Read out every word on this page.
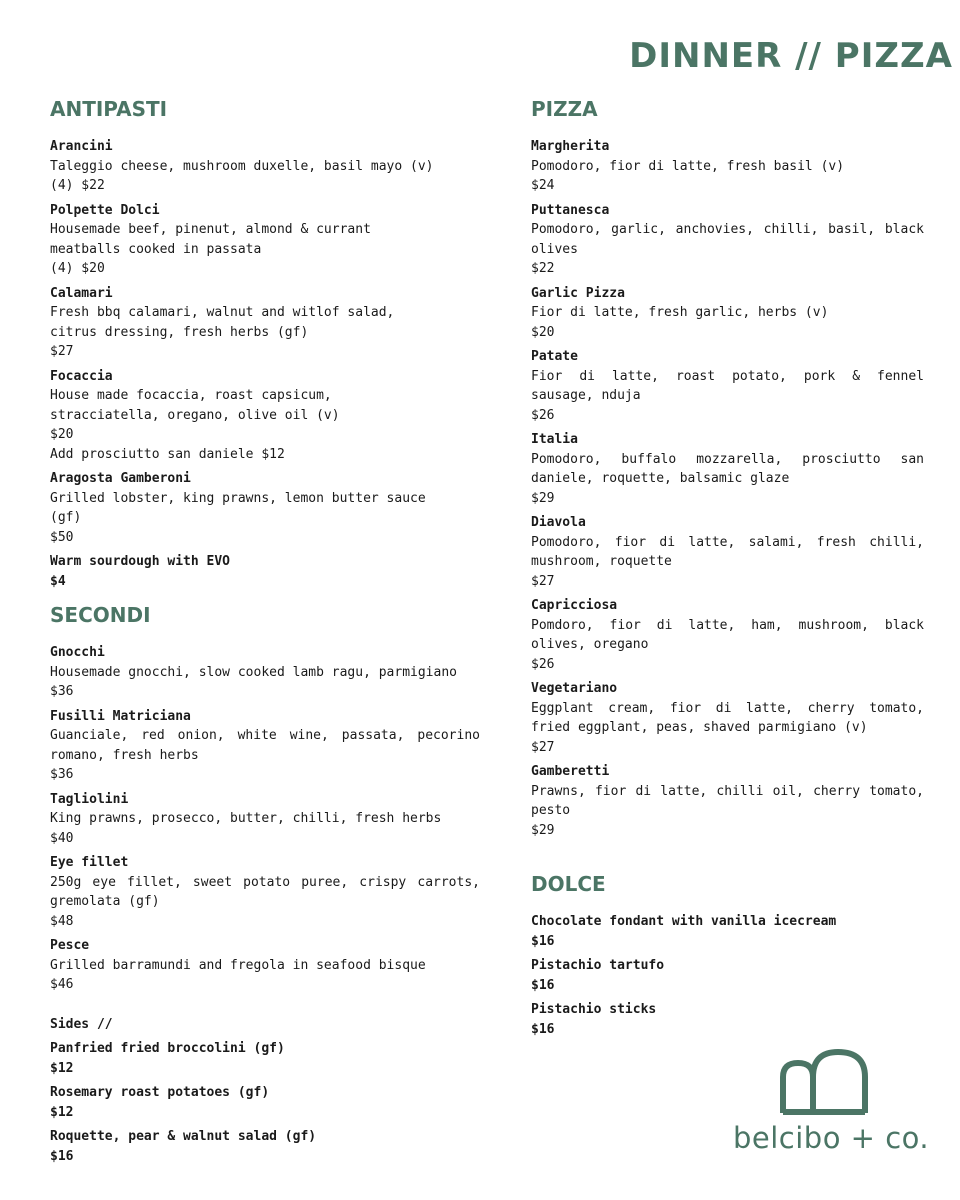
DINNER // PIZZA
ANTIPASTI
Arancini
Taleggio cheese, mushroom duxelle, basil mayo (v)
(4) $22
Polpette Dolci
Housemade beef, pinenut, almond & currant meatballs cooked in passata
(4) $20
Calamari
Fresh bbq calamari, walnut and witlof salad, citrus dressing, fresh herbs (gf)
$27
Focaccia
House made focaccia, roast capsicum, stracciatella, oregano, olive oil (v)
$20
Add prosciutto san daniele $12
Aragosta Gamberoni
Grilled lobster, king prawns, lemon butter sauce (gf)
$50
Warm sourdough with EVO
$4
SECONDI
Gnocchi
Housemade gnocchi, slow cooked lamb ragu, parmigiano
$36
Fusilli Matriciana
Guanciale, red onion, white wine, passata, pecorino romano, fresh herbs
$36
Tagliolini
King prawns, prosecco, butter, chilli, fresh herbs
$40
Eye fillet
250g eye fillet, sweet potato puree, crispy carrots, gremolata (gf)
$48
Pesce
Grilled barramundi and fregola in seafood bisque
$46
Sides //
Panfried fried broccolini (gf)
$12
Rosemary roast potatoes (gf)
$12
Roquette, pear & walnut salad (gf)
$16
PIZZA
Margherita
Pomodoro, fior di latte, fresh basil (v)
$24
Puttanesca
Pomodoro, garlic, anchovies, chilli, basil, black olives
$22
Garlic Pizza
Fior di latte, fresh garlic, herbs (v)
$20
Patate
Fior di latte, roast potato, pork & fennel sausage, nduja
$26
Italia
Pomodoro, buffalo mozzarella, prosciutto san daniele, roquette, balsamic glaze
$29
Diavola
Pomodoro, fior di latte, salami, fresh chilli, mushroom, roquette
$27
Capricciosa
Pomdoro, fior di latte, ham, mushroom, black olives, oregano
$26
Vegetariano
Eggplant cream, fior di latte, cherry tomato, fried eggplant, peas, shaved parmigiano (v)
$27
Gamberetti
Prawns, fior di latte, chilli oil, cherry tomato, pesto
$29
DOLCE
Chocolate fondant with vanilla icecream
$16
Pistachio tartufo
$16
Pistachio sticks
$16
belcibo + co.
